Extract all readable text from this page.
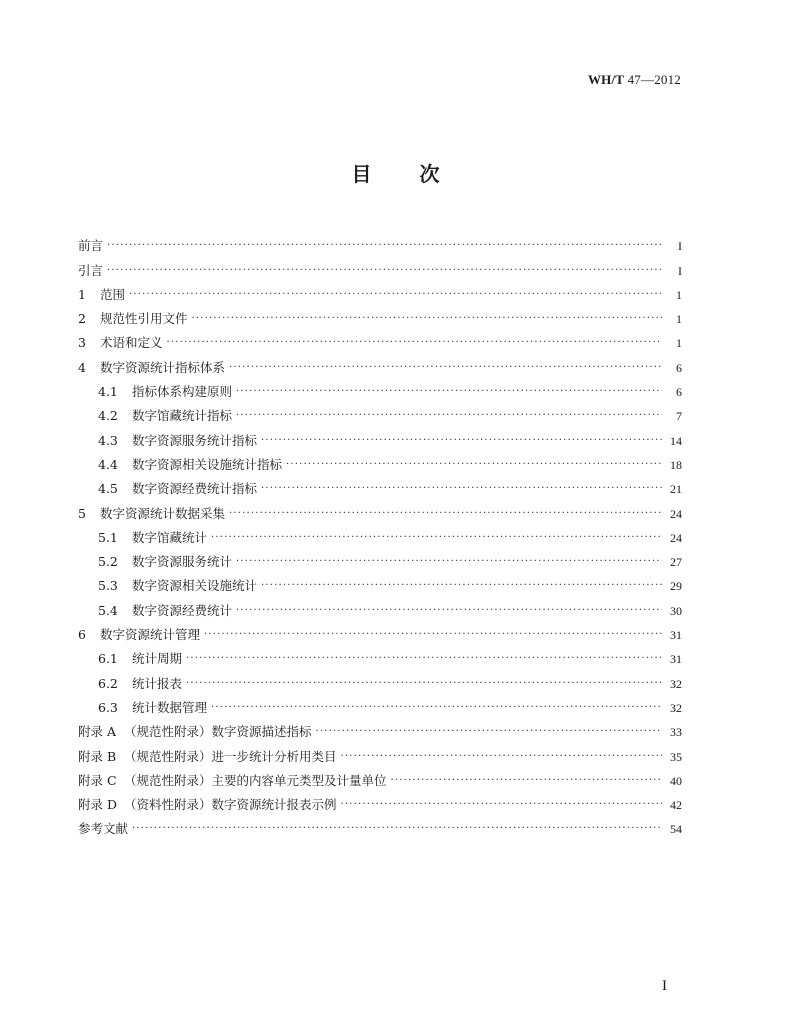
WH/T 47—2012
目 次
前言 ·····	I
引言 ·····	I
1	范围 ·····	1
2	规范性引用文件 ·····	1
3	术语和定义 ·····	1
4	数字资源统计指标体系 ·····	6
4.1	指标体系构建原则 ·····	6
4.2	数字馆藏统计指标 ·····	7
4.3	数字资源服务统计指标 ·····	14
4.4	数字资源相关设施统计指标 ·····	18
4.5	数字资源经费统计指标 ·····	21
5	数字资源统计数据采集 ·····	24
5.1	数字馆藏统计 ·····	24
5.2	数字资源服务统计 ·····	27
5.3	数字资源相关设施统计 ·····	29
5.4	数字资源经费统计 ·····	30
6	数字资源统计管理 ·····	31
6.1	统计周期 ·····	31
6.2	统计报表 ·····	32
6.3	统计数据管理 ·····	32
附录 A （规范性附录）数字资源描述指标 ·····	33
附录 B （规范性附录）进一步统计分析用类目 ·····	35
附录 C （规范性附录）主要的内容单元类型及计量单位 ·····	40
附录 D （资料性附录）数字资源统计报表示例 ·····	42
参考文献 ·····	54
I
